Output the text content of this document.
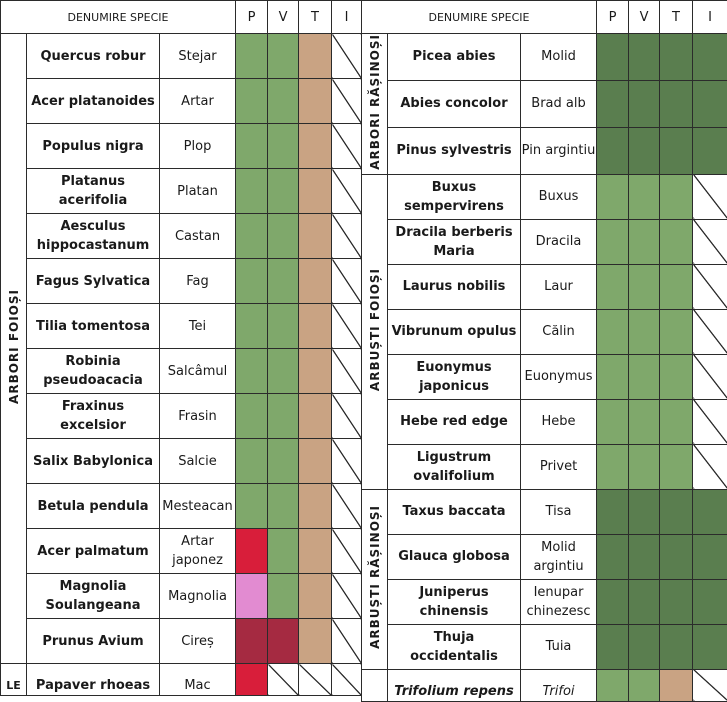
DENUMIRE SPECIE			P	V	T	I
ARBORI FOIOȘI	Quercus robur	Stejar				
	Acer platanoides	Artar				
	Populus nigra	Plop				
	Platanus acerifolia	Platan				
	Aesculus hippocastanum	Castan				
	Fagus Sylvatica	Fag				
	Tilia tomentosa	Tei				
	Robinia pseudoacacia	Salcâmul				
	Fraxinus excelsior	Frasin				
	Salix Babylonica	Salcie				
	Betula pendula	Mesteacan				
	Acer palmatum	Artar japonez				
	Magnolia Soulangeana	Magnolia				
	Prunus Avium	Cireș				

LE	Papaver rhoeas	Mac				

DENUMIRE SPECIE			P	V	T	I
ARBORI RĂȘINOȘI	Picea abies	Molid				
	Abies concolor	Brad alb				
	Pinus sylvestris	Pin argintiu				
ARBUȘTI FOIOȘI	Buxus sempervirens	Buxus				
	Dracila berberis Maria	Dracila				
	Laurus nobilis	Laur				
	Vibrunum opulus	Călin				
	Euonymus japonicus	Euonymus				
	Hebe red edge	Hebe				
	Ligustrum ovalifolium	Privet				
ARBUȘTI RĂȘINOȘI	Taxus baccata	Tisa				
	Glauca globosa	Molid argintiu				
	Juniperus chinensis	Ienupar chinezesc				
	Thuja occidentalis	Tuia				

	Trifolium repens	Trifoi				
